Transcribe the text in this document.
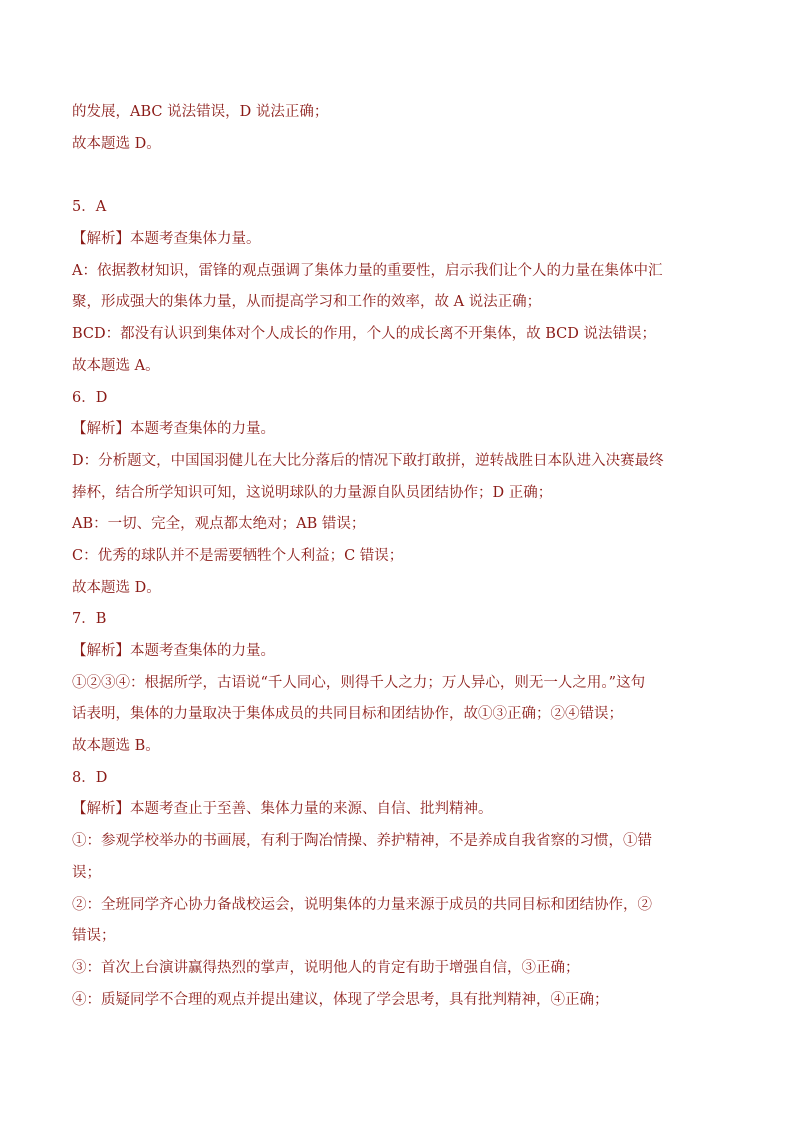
的发展，ABC 说法错误，D 说法正确；
故本题选 D。
5．A
【解析】本题考查集体力量。
A：依据教材知识，雷锋的观点强调了集体力量的重要性，启示我们让个人的力量在集体中汇
聚，形成强大的集体力量，从而提高学习和工作的效率，故 A 说法正确；
BCD：都没有认识到集体对个人成长的作用，个人的成长离不开集体，故 BCD 说法错误；
故本题选 A。
6．D
【解析】本题考查集体的力量。
D：分析题文，中国国羽健儿在大比分落后的情况下敢打敢拼，逆转战胜日本队进入决赛最终
捧杯，结合所学知识可知，这说明球队的力量源自队员团结协作；D 正确；
AB：一切、完全，观点都太绝对；AB 错误；
C：优秀的球队并不是需要牺牲个人利益；C 错误；
故本题选 D。
7．B
【解析】本题考查集体的力量。
①②③④：根据所学，古语说“千人同心，则得千人之力；万人异心，则无一人之用。”这句
话表明，集体的力量取决于集体成员的共同目标和团结协作，故①③正确；②④错误；
故本题选 B。
8．D
【解析】本题考查止于至善、集体力量的来源、自信、批判精神。
①：参观学校举办的书画展，有利于陶冶情操、养护精神，不是养成自我省察的习惯，①错
误；
②：全班同学齐心协力备战校运会，说明集体的力量来源于成员的共同目标和团结协作，②
错误；
③：首次上台演讲赢得热烈的掌声，说明他人的肯定有助于增强自信，③正确；
④：质疑同学不合理的观点并提出建议，体现了学会思考，具有批判精神，④正确；
